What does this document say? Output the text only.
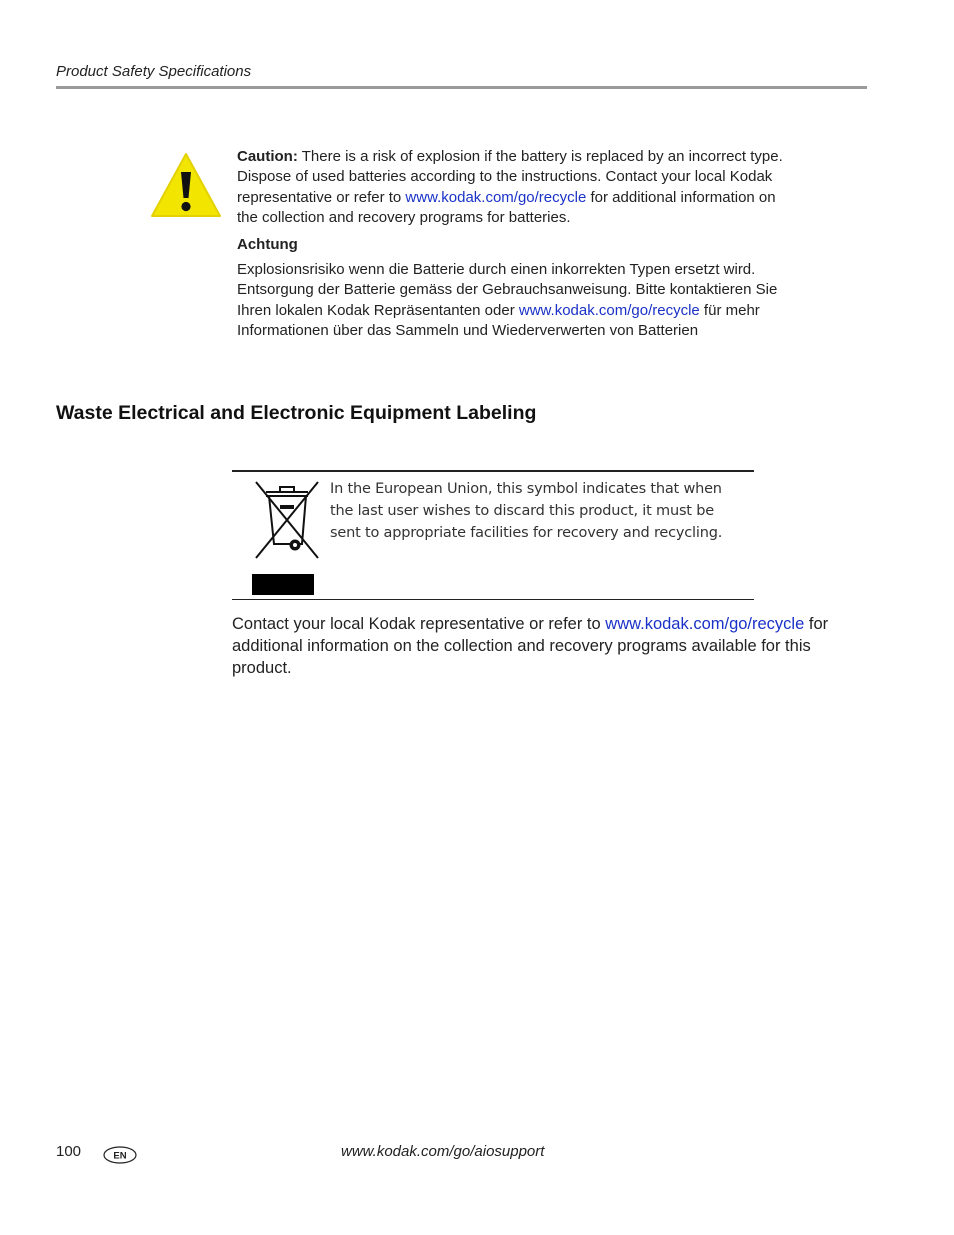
Product Safety Specifications

Caution: There is a risk of explosion if the battery is replaced by an incorrect type. Dispose of used batteries according to the instructions. Contact your local Kodak representative or refer to www.kodak.com/go/recycle for additional information on the collection and recovery programs for batteries.

Achtung

Explosionsrisiko wenn die Batterie durch einen inkorrekten Typen ersetzt wird. Entsorgung der Batterie gemäss der Gebrauchsanweisung. Bitte kontaktieren Sie Ihren lokalen Kodak Repräsentanten oder www.kodak.com/go/recycle für mehr Informationen über das Sammeln und Wiederverwerten von Batterien

Waste Electrical and Electronic Equipment Labeling
In the European Union, this symbol indicates that when the last user wishes to discard this product, it must be sent to appropriate facilities for recovery and recycling.

Contact your local Kodak representative or refer to www.kodak.com/go/recycle for additional information on the collection and recovery programs available for this product.

100	EN	www.kodak.com/go/aiosupport
